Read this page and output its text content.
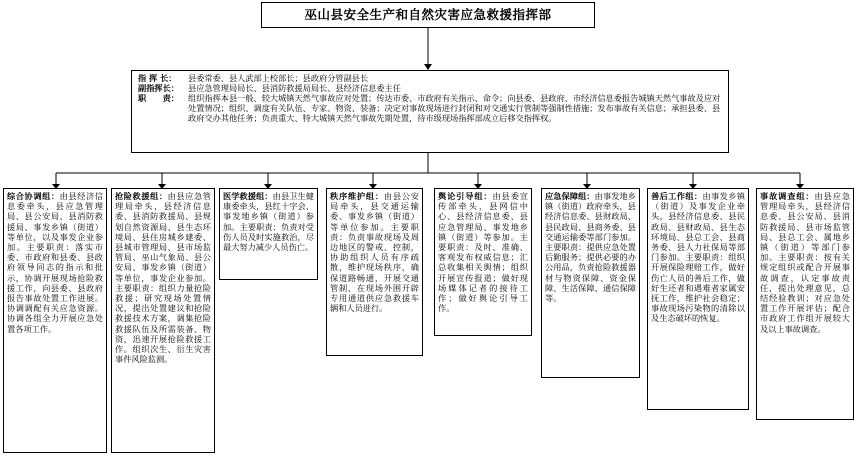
巫山县安全生产和自然灾害应急救援指挥部
指 挥 长：	县委常委、县人武部上校部长；县政府分管副县长
副指挥长：	县应急管理局局长、县消防救援局局长、县经济信息委主任
职　　责：	组织指挥本县一般、较大城镇天然气事故应对处置；传达市委、市政府有关指示、命令；向县委、县政府、市经济信息委报告城镇天然气事故及应对处置情况；组织、调度有关队伍、专家、物资、装备；决定对事故现场进行封闭和对交通实行管制等强制性措施；发布事故有关信息；承担县委、县政府交办其他任务；负责重大、特大城镇天然气事故先期处置，待市级现场指挥部成立后移交指挥权。
综合协调组：由县经济信息委牵头，县应急管理局、县公安局、县消防救援局、事发乡镇（街道）等单位，以及事发企业参加。主要职责：落实市委、市政府和县委、县政府领导同志的指示和批示，协调开展现场抢险救援工作，向县委、县政府报告事故处置工作进展。协调调配有关应急资源。协调各组全力开展应急处置各项工作。
抢险救援组：由县应急管理局牵头，县经济信息委、县消防救援局、县规划自然资源局、县生态环境局、县住房城乡建委、县城市管理局、县市场监管局、巫山气象局、县公安局、事发乡镇（街道）等单位，事发企业参加。主要职责：组织力量抢险救援；研究现场处置情况，提出处置建议和抢险救援技术方案，调集抢险救援队伍及所需装备、物资，迅速开展抢险救援工作。组织次生、衍生灾害事件风险监测。
医学救援组：由县卫生健康委牵头，县红十字会、事发地乡镇（街道）参加。主要职责：负责对受伤人员及时实施救治，尽最大努力减少人员伤亡。
秩序维护组：由县公安局牵头，县交通运输委、事发乡镇（街道）等单位参加。主要职责：负责事故现场及周边地区的警戒、控制，协助组织人员有序疏散，维护现场秩序，确保道路畅通，开展交通管制，在现场外围开辟专用通道供应急救援车辆和人员进行。
舆论引导组：由县委宣传部牵头，县网信中心、县经济信息委、县应急管理局、事发地乡镇（街道）等参加。主要职责：及时、准确、客观发布权威信息；汇总收集相关舆情；组织开展宣传报道；做好现场媒体记者的接待工作；做好舆论引导工作。
应急保障组：由事发地乡镇（街道）政府牵头，县经济信息委、县财政局、县民政局、县商务委、县交通运输委等部门参加。主要职责：提供应急处置后勤服务；提供必要的办公用品，负责抢险救援器材与物资保障、资金保障、生活保障、通信保障等。
善后工作组：由事发乡镇（街道）及事发企业牵头，县经济信息委、县民政局、县财政局、县生态环境局、县总工会、县商务委、县人力社保局等部门参加。主要职责：组织开展保险理赔工作，做好伤亡人员的善后工作，做好生还者和遇难者家属安抚工作，维护社会稳定；事故现场污染物的清除以及生态破坏的恢复。
事故调查组：由县应急管理局牵头，县经济信息委、县公安局、县消防救援局、县市场监管局、县总工会、属地乡镇（街道）等部门参加。主要职责：按有关规定组织或配合开展事故调查，认定事故责任，提出处理意见，总结经验教训；对应急处置工作开展评估；配合市政府工作组开展较大及以上事故调查。
